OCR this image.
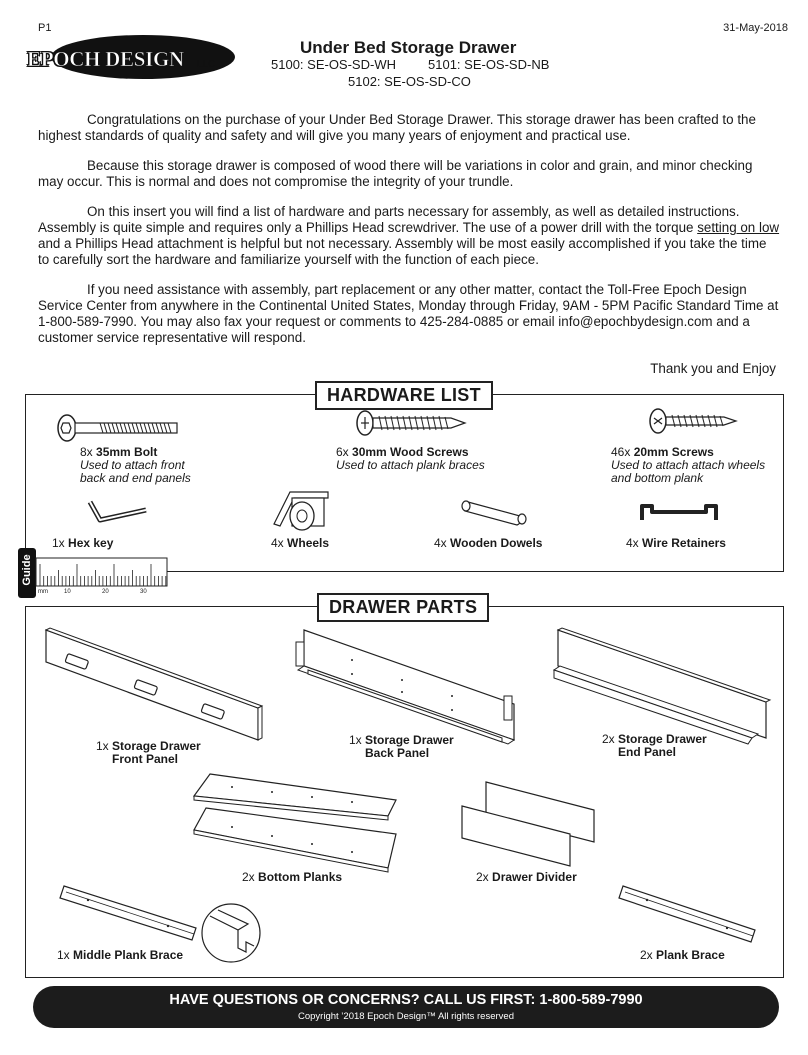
P1	31-May-2018
EPOCH DESIGN LLC
Under Bed Storage Drawer
5100: SE-OS-SD-WH 5101: SE-OS-SD-NB
5102: SE-OS-SD-CO

Congratulations on the purchase of your Under Bed Storage Drawer. This storage drawer has been crafted to the highest standards of quality and safety and will give you many years of enjoyment and practical use.

Because this storage drawer is composed of wood there will be variations in color and grain, and minor checking may occur. This is normal and does not compromise the integrity of your trundle.

On this insert you will find a list of hardware and parts necessary for assembly, as well as detailed instructions. Assembly is quite simple and requires only a Phillips Head screwdriver. The use of a power drill with the torque setting on low and a Phillips Head attachment is helpful but not necessary. Assembly will be most easily accomplished if you take the time to carefully sort the hardware and familiarize yourself with the function of each piece.

If you need assistance with assembly, part replacement or any other matter, contact the Toll-Free Epoch Design Service Center from anywhere in the Continental United States, Monday through Friday, 9AM - 5PM Pacific Standard Time at 1-800-589-7990. You may also fax your request or comments to 425-284-0885 or email info@epochbydesign.com and a customer service representative will respond.

Thank you and Enjoy
HARDWARE LIST
8x 35mm Bolt
Used to attach front
back and end panels
6x 30mm Wood Screws
Used to attach plank braces
46x 20mm Screws
Used to attach attach wheels
and bottom plank
1x Hex key	4x Wheels	4x Wooden Dowels	4x Wire Retainers
Guide
mm	10	20	30
DRAWER PARTS
1x Storage Drawer
Front Panel
1x Storage Drawer
Back Panel
2x Storage Drawer
End Panel
2x Bottom Planks	2x Drawer Divider
1x Middle Plank Brace	2x Plank Brace
HAVE QUESTIONS OR CONCERNS? CALL US FIRST: 1-800-589-7990
Copyright ’2018 Epoch Design™ All rights reserved
